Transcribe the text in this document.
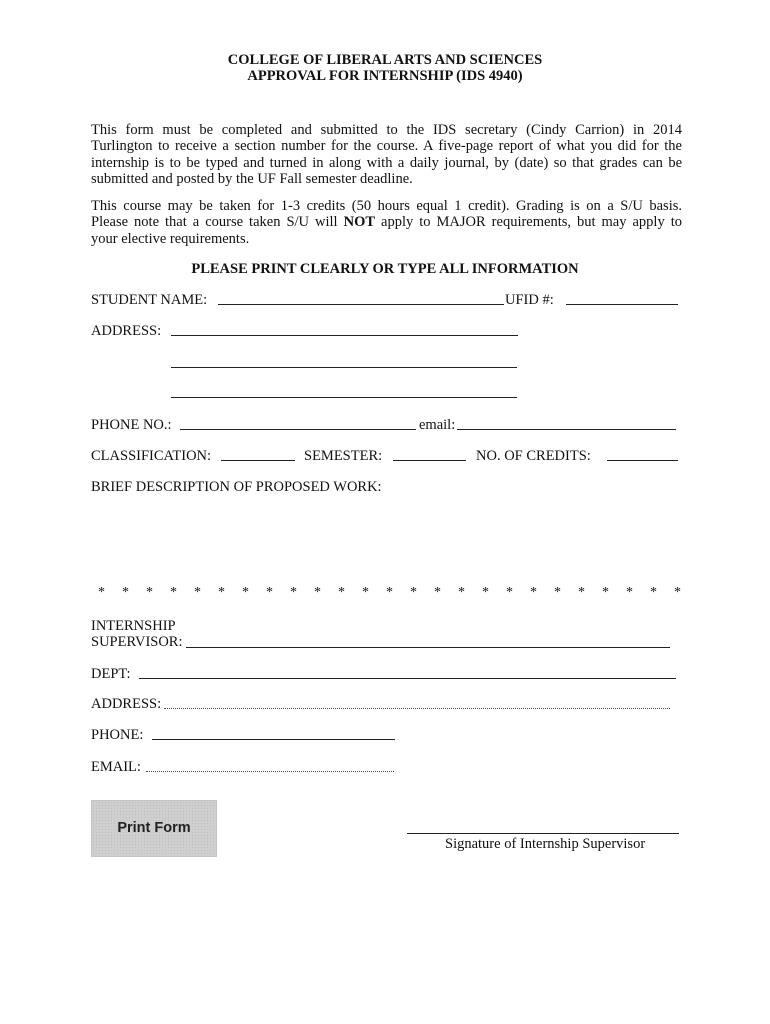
COLLEGE OF LIBERAL ARTS AND SCIENCES
APPROVAL FOR INTERNSHIP (IDS 4940)
This form must be completed and submitted to the IDS secretary (Cindy Carrion) in 2014
Turlington to receive a section number for the course. A five-page report of what you did for the
internship is to be typed and turned in along with a daily journal, by (date) so that grades can be
submitted and posted by the UF Fall semester deadline.
This course may be taken for 1-3 credits (50 hours equal 1 credit). Grading is on a S/U basis.
Please note that a course taken S/U will NOT apply to MAJOR requirements, but may apply to
your elective requirements.
PLEASE PRINT CLEARLY OR TYPE ALL INFORMATION
STUDENT NAME:	UFID #:
ADDRESS:
PHONE NO.:	email:
CLASSIFICATION:	SEMESTER:	NO. OF CREDITS:
BRIEF DESCRIPTION OF PROPOSED WORK:
* * * * * * * * * * * * * * * * * * * * * * * * *
INTERNSHIP
SUPERVISOR:
DEPT:
ADDRESS:
PHONE:
EMAIL:
Print Form
Signature of Internship Supervisor
